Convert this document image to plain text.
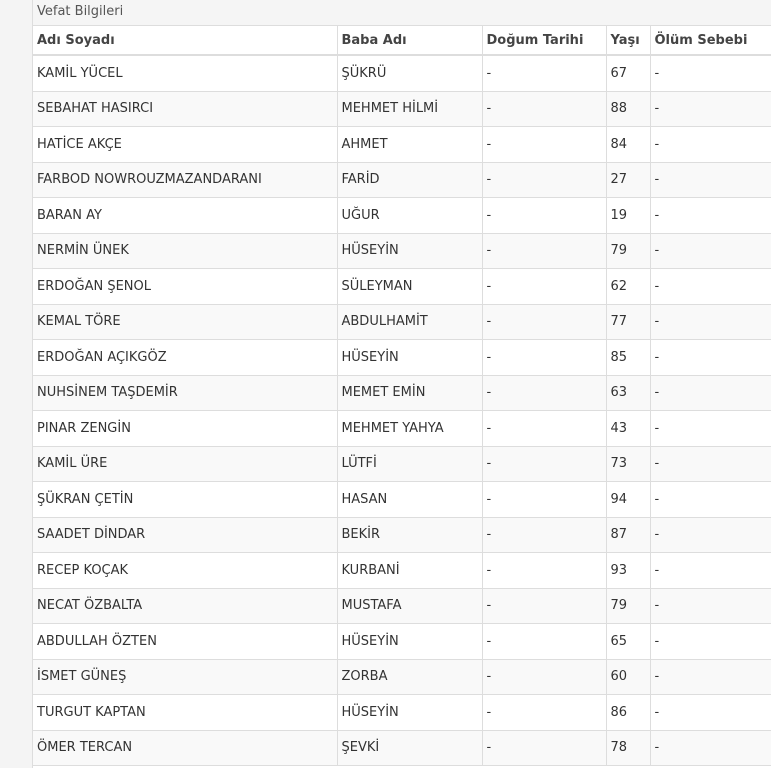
Vefat Bilgileri
Adı Soyadı	Baba Adı	Doğum Tarihi	Yaşı	Ölüm Sebebi
KAMİL YÜCEL	ŞÜKRÜ	-	67	-
SEBAHAT HASIRCI	MEHMET HİLMİ	-	88	-
HATİCE AKÇE	AHMET	-	84	-
FARBOD NOWROUZMAZANDARANI	FARİD	-	27	-
BARAN AY	UĞUR	-	19	-
NERMİN ÜNEK	HÜSEYİN	-	79	-
ERDOĞAN ŞENOL	SÜLEYMAN	-	62	-
KEMAL TÖRE	ABDULHAMİT	-	77	-
ERDOĞAN AÇIKGÖZ	HÜSEYİN	-	85	-
NUHSİNEM TAŞDEMİR	MEMET EMİN	-	63	-
PINAR ZENGİN	MEHMET YAHYA	-	43	-
KAMİL ÜRE	LÜTFİ	-	73	-
ŞÜKRAN ÇETİN	HASAN	-	94	-
SAADET DİNDAR	BEKİR	-	87	-
RECEP KOÇAK	KURBANİ	-	93	-
NECAT ÖZBALTA	MUSTAFA	-	79	-
ABDULLAH ÖZTEN	HÜSEYİN	-	65	-
İSMET GÜNEŞ	ZORBA	-	60	-
TURGUT KAPTAN	HÜSEYİN	-	86	-
ÖMER TERCAN	ŞEVKİ	-	78	-
